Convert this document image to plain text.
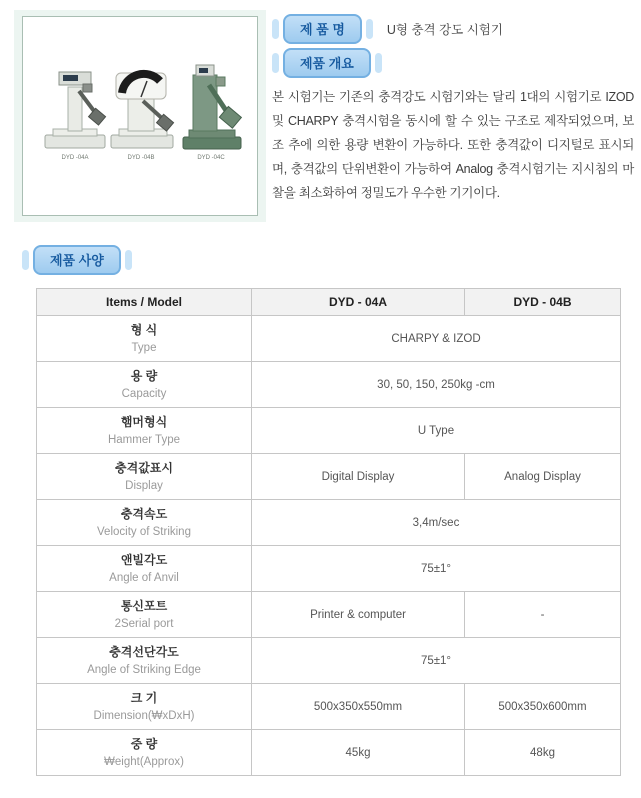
DYD -04A	DYD -04B	DYD -04C
제 품 명	U형 충격 강도 시험기
제품 개요

본 시험기는 기존의 충격강도 시험기와는 달리 1대의 시험기로 IZOD 및 CHARPY 충격시험을 동시에 할 수 있는 구조로 제작되었으며, 보조 추에 의한 용량 변환이 가능하다. 또한 충격값이 디지털로 표시되며, 충격값의 단위변환이 가능하여 Analog 충격시험기는 지시침의 마찰을 최소화하여 정밀도가 우수한 기기이다.

제품 사양
Items / Model	DYD - 04A	DYD - 04B

형 식
Type	CHARPY & IZOD	

용 량
Capacity	30, 50, 150, 250kg -cm	

햄머형식
Hammer Type	U Type	

충격값표시
Display	Digital Display	Analog Display

충격속도
Velocity of Striking	3,4m/sec	

앤빌각도
Angle of Anvil	75±1°	

통신포트
2Serial port	Printer & computer	-

충격선단각도
Angle of Striking Edge	75±1°	

크 기
Dimension(₩xDxH)	500x350x550mm	500x350x600mm

중 량
₩eight(Approx)	45kg	48kg
